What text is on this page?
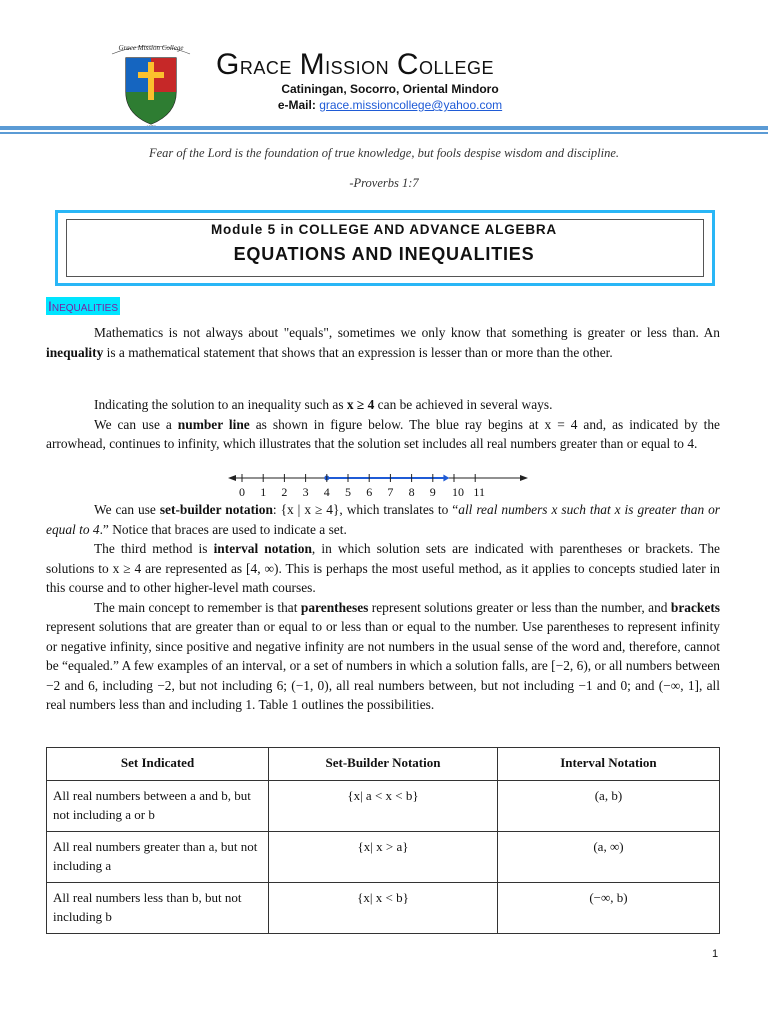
Grace Mission College Grace Mission College
Catiningan, Socorro, Oriental Mindoro
e-Mail: grace.missioncollege@yahoo.com
Fear of the Lord is the foundation of true knowledge, but fools despise wisdom and discipline.
-Proverbs 1:7
Module 5 in COLLEGE AND ADVANCE ALGEBRA
EQUATIONS AND INEQUALITIES
Inequalities

Mathematics is not always about "equals", sometimes we only know that something is greater or less than. An inequality is a mathematical statement that shows that an expression is lesser than or more than the other.

Indicating the solution to an inequality such as x ≥ 4 can be achieved in several ways.

We can use a number line as shown in figure below. The blue ray begins at x = 4 and, as indicated by the arrowhead, continues to infinity, which illustrates that the solution set includes all real numbers greater than or equal to 4.

0 1 2 3 4 5 6 7 8 9 10 11

We can use set-builder notation: {x | x ≥ 4}, which translates to “all real numbers x such that x is greater than or equal to 4.” Notice that braces are used to indicate a set.

The third method is interval notation, in which solution sets are indicated with parentheses or brackets. The solutions to x ≥ 4 are represented as [4, ∞). This is perhaps the most useful method, as it applies to concepts studied later in this course and to other higher-level math courses.

The main concept to remember is that parentheses represent solutions greater or less than the number, and brackets represent solutions that are greater than or equal to or less than or equal to the number. Use parentheses to represent infinity or negative infinity, since positive and negative infinity are not numbers in the usual sense of the word and, therefore, cannot be “equaled.” A few examples of an interval, or a set of numbers in which a solution falls, are [−2, 6), or all numbers between −2 and 6, including −2, but not including 6; (−1, 0), all real numbers between, but not including −1 and 0; and (−∞, 1], all real numbers less than and including 1. Table 1 outlines the possibilities.

Set Indicated	Set-Builder Notation	Interval Notation
All real numbers between a and b, but not including a or b	{x| a < x < b}	(a, b)
All real numbers greater than a, but not including a	{x| x > a}	(a, ∞)
All real numbers less than b, but not including b	{x| x < b}	(−∞, b)
1
